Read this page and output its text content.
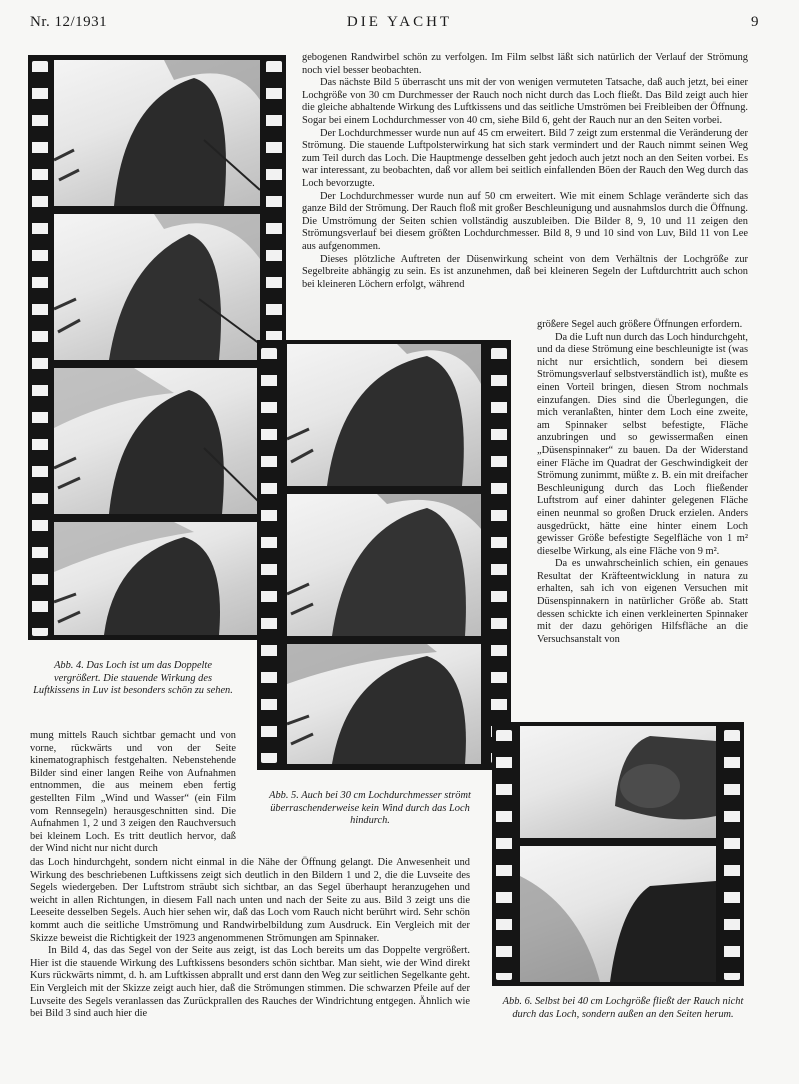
Nr. 12/1931	DIE YACHT	9

gebogenen Randwirbel schön zu verfolgen. Im Film selbst läßt sich natürlich der Verlauf der Strömung noch viel besser beobachten.

Das nächste Bild 5 überrascht uns mit der von wenigen vermuteten Tatsache, daß auch jetzt, bei einer Lochgröße von 30 cm Durchmesser der Rauch noch nicht durch das Loch fließt. Das Bild zeigt auch hier die gleiche abhaltende Wirkung des Luftkissens und das seitliche Umströmen bei Freibleiben der Öffnung. Sogar bei einem Lochdurchmesser von 40 cm, siehe Bild 6, geht der Rauch nur an den Seiten vorbei.

Der Lochdurchmesser wurde nun auf 45 cm erweitert. Bild 7 zeigt zum erstenmal die Veränderung der Strömung. Die stauende Luftpolsterwirkung hat sich stark vermindert und der Rauch nimmt seinen Weg zum Teil durch das Loch. Die Hauptmenge desselben geht jedoch auch jetzt noch an den Seiten vorbei. Es war interessant, zu beobachten, daß vor allem bei seitlich einfallenden Böen der Rauch den Weg durch das Loch bevorzugte.

Der Lochdurchmesser wurde nun auf 50 cm erweitert. Wie mit einem Schlage veränderte sich das ganze Bild der Strömung. Der Rauch floß mit großer Beschleunigung und ausnahmslos durch die Öffnung. Die Umströmung der Seiten schien vollständig auszubleiben. Die Bilder 8, 9, 10 und 11 zeigen den Strömungsverlauf bei diesem größten Lochdurchmesser. Bild 8, 9 und 10 sind von Luv, Bild 11 von Lee aus aufgenommen.

Dieses plötzliche Auftreten der Düsenwirkung scheint von dem Verhältnis der Lochgröße zur Segelbreite abhängig zu sein. Es ist anzunehmen, daß bei kleineren Segeln der Luftdurchtritt auch schon bei kleineren Löchern erfolgt, während

Abb. 4. Das Loch ist um das Doppelte vergrößert. Die stauende Wirkung des Luftkissens in Luv ist besonders schön zu sehen.

größere Segel auch größere Öffnungen erfordern.

Da die Luft nun durch das Loch hindurchgeht, und da diese Strömung eine beschleunigte ist (was nicht nur ersichtlich, sondern bei diesem Strömungsverlauf selbstverständlich ist), mußte es einen Vorteil bringen, diesen Strom nochmals einzufangen. Dies sind die Überlegungen, die mich veranlaßten, hinter dem Loch eine zweite, am Spinnaker selbst befestigte, Fläche anzubringen und so gewissermaßen einen „Düsenspinnaker“ zu bauen. Da der Widerstand einer Fläche im Quadrat der Geschwindigkeit der Strömung zunimmt, müßte z. B. ein mit dreifacher Beschleunigung durch das Loch fließender Luftstrom auf einer dahinter gelegenen Fläche einen neunmal so großen Druck erzielen. Anders ausgedrückt, hätte eine hinter einem Loch gewisser Größe befestigte Segelfläche von 1 m² dieselbe Wirkung, als eine Fläche von 9 m².

Da es unwahrscheinlich schien, ein genaues Resultat der Kräfteentwicklung in natura zu erhalten, sah ich von eigenen Versuchen mit Düsenspinnakern in natürlicher Größe ab. Statt dessen schickte ich einen verkleinerten Spinnaker mit der dazu gehörigen Hilfsfläche an die Versuchsanstalt von

Abb. 5. Auch bei 30 cm Lochdurchmesser strömt überraschenderweise kein Wind durch das Loch hindurch.

mung mittels Rauch sichtbar gemacht und von vorne, rückwärts und von der Seite kinematographisch festgehalten. Nebenstehende Bilder sind einer langen Reihe von Aufnahmen entnommen, die aus meinem eben fertig gestellten Film „Wind und Wasser“ (ein Film vom Rennsegeln) herausgeschnitten sind. Die Aufnahmen 1, 2 und 3 zeigen den Rauchversuch bei kleinem Loch. Es tritt deutlich hervor, daß der Wind nicht nur nicht durch

das Loch hindurchgeht, sondern nicht einmal in die Nähe der Öffnung gelangt. Die Anwesenheit und Wirkung des beschriebenen Luftkissens zeigt sich deutlich in den Bildern 1 und 2, die die Luvseite des Segels wiedergeben. Der Luftstrom sträubt sich sichtbar, an das Segel überhaupt heranzugehen und weicht in allen Richtungen, in diesem Fall nach unten und nach der Seite zu aus. Bild 3 zeigt uns die Leeseite desselben Segels. Auch hier sehen wir, daß das Loch vom Rauch nicht berührt wird. Sehr schön kommt auch die seitliche Umströmung und Randwirbelbildung zum Ausdruck. Ein Vergleich mit der Skizze beweist die Richtigkeit der 1923 angenommenen Strömungen am Spinnaker.

In Bild 4, das das Segel von der Seite aus zeigt, ist das Loch bereits um das Doppelte vergrößert. Hier ist die stauende Wirkung des Luftkissens besonders schön sichtbar. Man sieht, wie der Wind direkt Kurs rückwärts nimmt, d. h. am Luftkissen abprallt und erst dann den Weg zur seitlichen Segelkante geht. Ein Vergleich mit der Skizze zeigt auch hier, daß die Strömungen stimmen. Die schwarzen Pfeile auf der Luvseite des Segels veranlassen das Zurückprallen des Rauches der Windrichtung entgegen. Ähnlich wie bei Bild 3 sind auch hier die

Abb. 6. Selbst bei 40 cm Lochgröße fließt der Rauch nicht durch das Loch, sondern außen an den Seiten herum.
